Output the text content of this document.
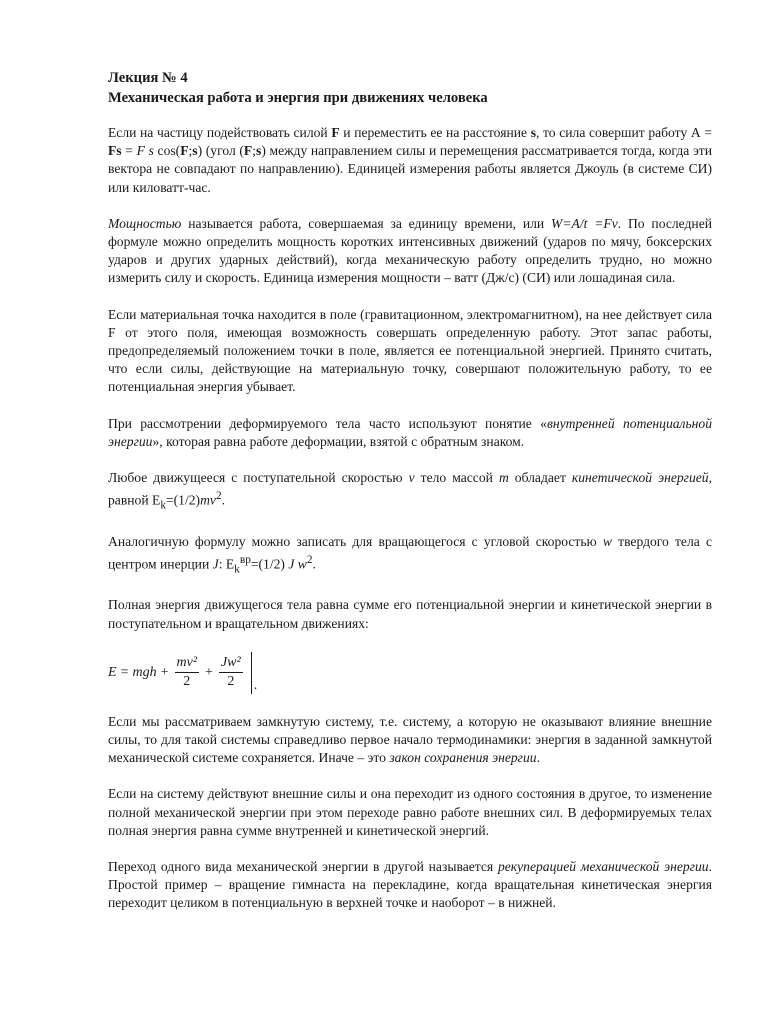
Лекция № 4

Механическая работа и энергия при движениях человека

Если на частицу подействовать силой F и переместить ее на расстояние s, то сила совершит работу А = Fs = F s cos(F;s) (угол (F;s) между направлением силы и перемещения рассматривается тогда, когда эти вектора не совпадают по направлению). Единицей измерения работы является Джоуль (в системе СИ) или киловатт-час.

Мощностью называется работа, совершаемая за единицу времени, или W=A/t =Fv. По последней формуле можно определить мощность коротких интенсивных движений (ударов по мячу, боксерских ударов и других ударных действий), когда механическую работу определить трудно, но можно измерить силу и скорость. Единица измерения мощности – ватт (Дж/с) (СИ) или лошадиная сила.

Если материальная точка находится в поле (гравитационном, электромагнитном), на нее действует сила F от этого поля, имеющая возможность совершать определенную работу. Этот запас работы, предопределяемый положением точки в поле, является ее потенциальной энергией. Принято считать, что если силы, действующие на материальную точку, совершают положительную работу, то ее потенциальная энергия убывает.

При рассмотрении деформируемого тела часто используют понятие «внутренней потенциальной энергии», которая равна работе деформации, взятой с обратным знаком.

Любое движущееся с поступательной скоростью v тело массой m обладает кинетической энергией, равной $E_k=(1/2)mv^2$.

Аналогичную формулу можно записать для вращающегося с угловой скоростью w твердого тела с центром инерции J: $E_k^{вр}=(1/2)$ J $w^2$.

Полная энергия движущегося тела равна сумме его потенциальной энергии и кинетической энергии в поступательном и вращательном движениях:

E = mgh + $\frac{\text{mv²}}{2} + \frac{\text{Jw²}}{2}$ .

Если мы рассматриваем замкнутую систему, т.е. систему, а которую не оказывают влияние внешние силы, то для такой системы справедливо первое начало термодинамики: энергия в заданной замкнутой механической системе сохраняется. Иначе – это закон сохранения энергии.

Если на систему действуют внешние силы и она переходит из одного состояния в другое, то изменение полной механической энергии при этом переходе равно работе внешних сил. В деформируемых телах полная энергия равна сумме внутренней и кинетической энергий.

Переход одного вида механической энергии в другой называется рекуперацией механической энергии. Простой пример – вращение гимнаста на перекладине, когда вращательная кинетическая энергия переходит целиком в потенциальную в верхней точке и наоборот – в нижней.
